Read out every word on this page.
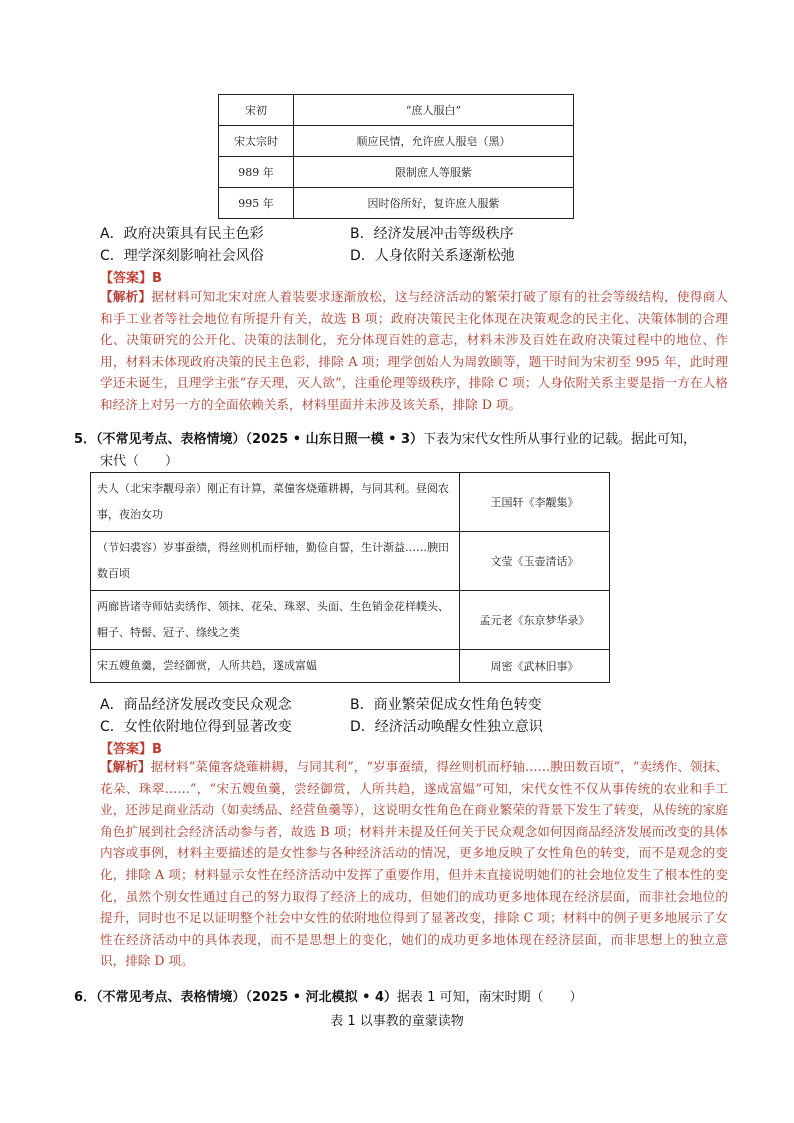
宋初	“庶人服白”
宋太宗时	顺应民情，允许庶人服皂（黑）
989 年	限制庶人等服紫
995 年	因时俗所好，复许庶人服紫
A．政府决策具有民主色彩	B．经济发展冲击等级秩序
C．理学深刻影响社会风俗	D．人身依附关系逐渐松弛
【答案】B
【解析】据材料可知北宋对庶人着装要求逐渐放松，这与经济活动的繁荣打破了原有的社会等级结构，使得商人和手工业者等社会地位有所提升有关，故选 B 项；政府决策民主化体现在决策观念的民主化、决策体制的合理化、决策研究的公开化、决策的法制化，充分体现百姓的意志，材料未涉及百姓在政府决策过程中的地位、作用，材料未体现政府决策的民主色彩，排除 A 项；理学创始人为周敦颐等，题干时间为宋初至 995 年，此时理学还未诞生，且理学主张“存天理，灭人欲”，注重伦理等级秩序，排除 C 项；人身依附关系主要是指一方在人格和经济上对另一方的全面依赖关系，材料里面并未涉及该关系，排除 D 项。
5．（不常见考点、表格情境）（2025 • 山东日照一模 • 3）下表为宋代女性所从事行业的记载。据此可知，
宋代（　　）
夫人（北宋李觏母亲）刚正有计算，菜僮客烧薙耕耨，与同其利。昼阅农事，夜治女功	王国轩《李觏集》
（节妇裘容）岁事蚕绩，得丝则机而杼轴，勤俭自誓，生计渐益……腴田数百顷	文莹《玉壶清话》
两廊皆诸寺师姑卖绣作、领抹、花朵、珠翠、头面、生色销金花样幞头、帽子、特髻、冠子、绦线之类	孟元老《东京梦华录》
宋五嫂鱼羹，尝经御赏，人所共趋，遂成富媪	周密《武林旧事》
A．商品经济发展改变民众观念	B．商业繁荣促成女性角色转变
C．女性依附地位得到显著改变	D．经济活动唤醒女性独立意识
【答案】B
【解析】据材料“菜僮客烧薙耕耨，与同其利”，“岁事蚕绩，得丝则机而杼轴……腴田数百顷”，“卖绣作、领抹、花朵、珠翠……”，“宋五嫂鱼羹，尝经御赏，人所共趋，遂成富媪”可知，宋代女性不仅从事传统的农业和手工业，还涉足商业活动（如卖绣品、经营鱼羹等），这说明女性角色在商业繁荣的背景下发生了转变，从传统的家庭角色扩展到社会经济活动参与者，故选 B 项；材料并未提及任何关于民众观念如何因商品经济发展而改变的具体内容或事例，材料主要描述的是女性参与各种经济活动的情况，更多地反映了女性角色的转变，而不是观念的变化，排除 A 项；材料显示女性在经济活动中发挥了重要作用，但并未直接说明她们的社会地位发生了根本性的变化，虽然个别女性通过自己的努力取得了经济上的成功，但她们的成功更多地体现在经济层面，而非社会地位的提升，同时也不足以证明整个社会中女性的依附地位得到了显著改变，排除 C 项；材料中的例子更多地展示了女性在经济活动中的具体表现，而不是思想上的变化，她们的成功更多地体现在经济层面，而非思想上的独立意识，排除 D 项。
6．（不常见考点、表格情境）（2025 • 河北模拟 • 4）据表 1 可知，南宋时期（　　）
表 1 以事教的童蒙读物
